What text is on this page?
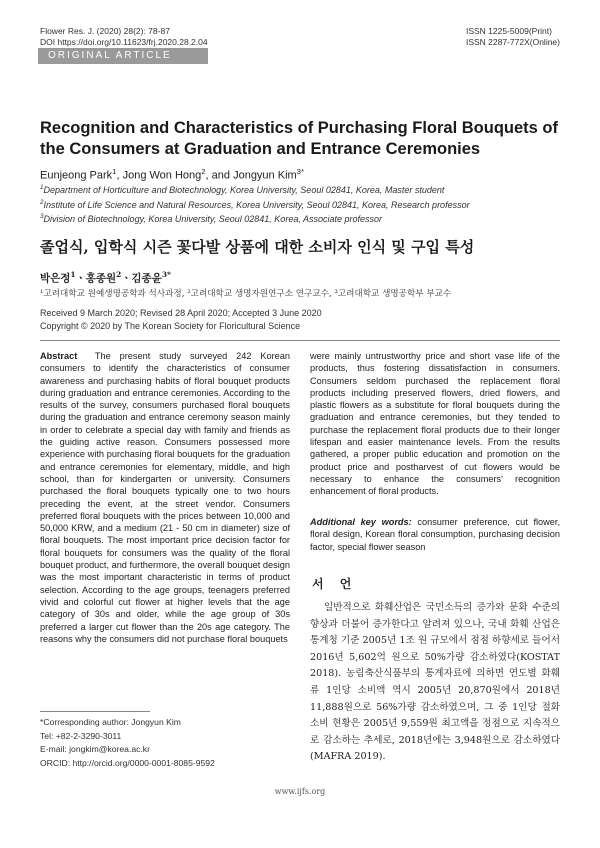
Flower Res. J. (2020) 28(2): 78-87
DOI https://doi.org/10.11623/frj.2020.28.2.04
ISSN 1225-5009(Print)
ISSN 2287-772X(Online)
ORIGINAL ARTICLE
Recognition and Characteristics of Purchasing Floral Bouquets of the Consumers at Graduation and Entrance Ceremonies
Eunjeong Park$^1$, Jong Won Hong$^2$, and Jongyun Kim$^{3*}$
$^1$Department of Horticulture and Biotechnology, Korea University, Seoul 02841, Korea, Master student
$^2$Institute of Life Science and Natural Resources, Korea University, Seoul 02841, Korea, Research professor
$^3$Division of Biotechnology, Korea University, Seoul 02841, Korea, Associate professor
졸업식, 입학식 시즌 꽃다발 상품에 대한 소비자 인식 및 구입 특성
박은정$^1$ㆍ홍종원$^2$ㆍ김종윤$^{3*}$
¹고려대학교 원예생명공학과 석사과정, ²고려대학교 생명자원연구소 연구교수, ³고려대학교 생명공학부 부교수
Received 9 March 2020; Revised 28 April 2020; Accepted 3 June 2020
Copyright © 2020 by The Korean Society for Floricultural Science
Abstract The present study surveyed 242 Korean consumers to identify the characteristics of consumer awareness and purchasing habits of floral bouquet products during graduation and entrance ceremonies. According to the results of the survey, consumers purchased floral bouquets during the graduation and entrance ceremony season mainly in order to celebrate a special day with family and friends as the guiding active reason. Consumers possessed more experience with purchasing floral bouquets for the graduation and entrance ceremonies for elementary, middle, and high school, than for kindergarten or university. Consumers purchased the floral bouquets typically one to two hours preceding the event, at the street vendor. Consumers preferred floral bouquets with the prices between 10,000 and 50,000 KRW, and a medium (21 - 50 cm in diameter) size of floral bouquets. The most important price decision factor for floral bouquets for consumers was the quality of the floral bouquet product, and furthermore, the overall bouquet design was the most important characteristic in terms of product selection. According to the age groups, teenagers preferred vivid and colorful cut flower at higher levels that the age category of 30s and older, while the age group of 30s preferred a larger cut flower than the 20s age category. The reasons why the consumers did not purchase floral bouquets
were mainly untrustworthy price and short vase life of the products, thus fostering dissatisfaction in consumers. Consumers seldom purchased the replacement floral products including preserved flowers, dried flowers, and plastic flowers as a substitute for floral bouquets during the graduation and entrance ceremonies, but they tended to purchase the replacement floral products due to their longer lifespan and easier maintenance levels. From the results gathered, a proper public education and promotion on the product price and postharvest of cut flowers would be necessary to enhance the consumers' recognition enhancement of floral products.
Additional key words: consumer preference, cut flower, floral design, Korean floral consumption, purchasing decision factor, special flower season
서 언
일반적으로 화훼산업은 국민소득의 증가와 문화 수준의 향상과 더불어 증가한다고 알려져 있으나, 국내 화훼 산업은 통계청 기준 2005년 1조 원 규모에서 점점 하향세로 들어서 2016년 5,602억 원으로 50%가량 감소하였다(KOSTAT 2018). 농림축산식품부의 통계자료에 의하면 연도별 화훼류 1인당 소비액 역시 2005년 20,870원에서 2018년 11,888원으로 56%가량 감소하였으며, 그 중 1인당 절화 소비 현황은 2005년 9,559원 최고액을 정점으로 지속적으로 감소하는 추세로, 2018년에는 3,948원으로 감소하였다(MAFRA 2019).
*Corresponding author: Jongyun Kim
Tel: +82-2-3290-3011
E-mail: jongkim@korea.ac.kr
ORCID: http://orcid.org/0000-0001-8085-9592
www.ijfs.org
